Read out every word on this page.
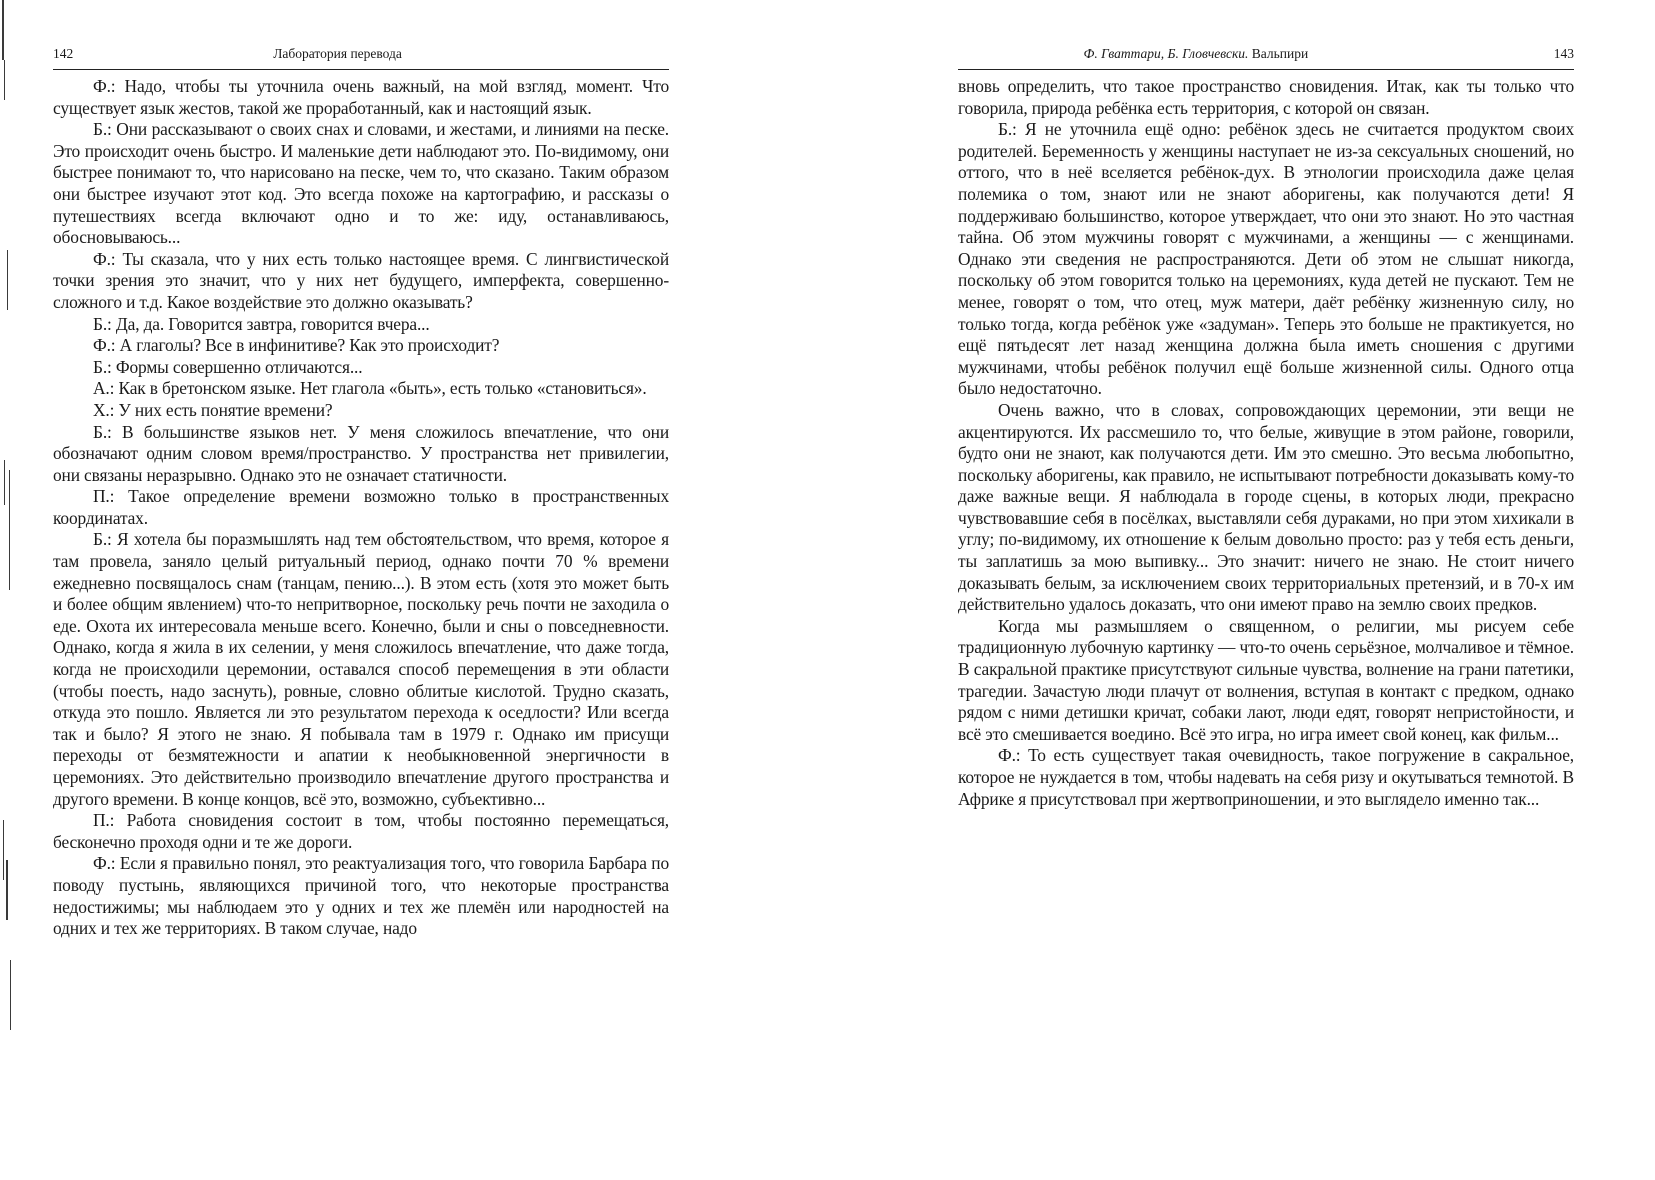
142	Лаборатория перевода

Ф.: Надо, чтобы ты уточнила очень важный, на мой взгляд, момент. Что существует язык жестов, такой же проработанный, как и настоящий язык.

Б.: Они рассказывают о своих снах и словами, и жестами, и линиями на песке. Это происходит очень быстро. И маленькие дети наблюдают это. По-видимому, они быстрее понимают то, что нарисовано на песке, чем то, что сказано. Таким образом они быстрее изучают этот код. Это всегда похоже на картографию, и рассказы о путешествиях всегда включают одно и то же: иду, останавливаюсь, обосновываюсь...

Ф.: Ты сказала, что у них есть только настоящее время. С лингвистической точки зрения это значит, что у них нет будущего, имперфекта, совершенно-сложного и т.д. Какое воздействие это должно оказывать?

Б.: Да, да. Говорится завтра, говорится вчера...

Ф.: А глаголы? Все в инфинитиве? Как это происходит?

Б.: Формы совершенно отличаются...

А.: Как в бретонском языке. Нет глагола «быть», есть только «становиться».

Х.: У них есть понятие времени?

Б.: В большинстве языков нет. У меня сложилось впечатление, что они обозначают одним словом время/пространство. У пространства нет привилегии, они связаны неразрывно. Однако это не означает статичности.

П.: Такое определение времени возможно только в пространственных координатах.

Б.: Я хотела бы поразмышлять над тем обстоятельством, что время, которое я там провела, заняло целый ритуальный период, однако почти 70 % времени ежедневно посвящалось снам (танцам, пению...). В этом есть (хотя это может быть и более общим явлением) что-то непритворное, поскольку речь почти не заходила о еде. Охота их интересовала меньше всего. Конечно, были и сны о повседневности. Однако, когда я жила в их селении, у меня сложилось впечатление, что даже тогда, когда не происходили церемонии, оставался способ перемещения в эти области (чтобы поесть, надо заснуть), ровные, словно облитые кислотой. Трудно сказать, откуда это пошло. Является ли это результатом перехода к оседлости? Или всегда так и было? Я этого не знаю. Я побывала там в 1979 г. Однако им присущи переходы от безмятежности и апатии к необыкновенной энергичности в церемониях. Это действительно производило впечатление другого пространства и другого времени. В конце концов, всё это, возможно, субъективно...

П.: Работа сновидения состоит в том, чтобы постоянно перемещаться, бесконечно проходя одни и те же дороги.

Ф.: Если я правильно понял, это реактуализация того, что говорила Барбара по поводу пустынь, являющихся причиной того, что некоторые пространства недостижимы; мы наблюдаем это у одних и тех же племён или народностей на одних и тех же территориях. В таком случае, надо

Ф. Гваттари, Б. Гловчевски. Вальпири	143

вновь определить, что такое пространство сновидения. Итак, как ты только что говорила, природа ребёнка есть территория, с которой он связан.

Б.: Я не уточнила ещё одно: ребёнок здесь не считается продуктом своих родителей. Беременность у женщины наступает не из-за сексуальных сношений, но оттого, что в неё вселяется ребёнок-дух. В этнологии происходила даже целая полемика о том, знают или не знают аборигены, как получаются дети! Я поддерживаю большинство, которое утверждает, что они это знают. Но это частная тайна. Об этом мужчины говорят с мужчинами, а женщины — с женщинами. Однако эти сведения не распространяются. Дети об этом не слышат никогда, поскольку об этом говорится только на церемониях, куда детей не пускают. Тем не менее, говорят о том, что отец, муж матери, даёт ребёнку жизненную силу, но только тогда, когда ребёнок уже «задуман». Теперь это больше не практикуется, но ещё пятьдесят лет назад женщина должна была иметь сношения с другими мужчинами, чтобы ребёнок получил ещё больше жизненной силы. Одного отца было недостаточно.

Очень важно, что в словах, сопровождающих церемонии, эти вещи не акцентируются. Их рассмешило то, что белые, живущие в этом районе, говорили, будто они не знают, как получаются дети. Им это смешно. Это весьма любопытно, поскольку аборигены, как правило, не испытывают потребности доказывать кому-то даже важные вещи. Я наблюдала в городе сцены, в которых люди, прекрасно чувствовавшие себя в посёлках, выставляли себя дураками, но при этом хихикали в углу; по-видимому, их отношение к белым довольно просто: раз у тебя есть деньги, ты заплатишь за мою выпивку... Это значит: ничего не знаю. Не стоит ничего доказывать белым, за исключением своих территориальных претензий, и в 70-х им действительно удалось доказать, что они имеют право на землю своих предков.

Когда мы размышляем о священном, о религии, мы рисуем себе традиционную лубочную картинку — что-то очень серьёзное, молчаливое и тёмное. В сакральной практике присутствуют сильные чувства, волнение на грани патетики, трагедии. Зачастую люди плачут от волнения, вступая в контакт с предком, однако рядом с ними детишки кричат, собаки лают, люди едят, говорят непристойности, и всё это смешивается воедино. Всё это игра, но игра имеет свой конец, как фильм...

Ф.: То есть существует такая очевидность, такое погружение в сакральное, которое не нуждается в том, чтобы надевать на себя ризу и окутываться темнотой. В Африке я присутствовал при жертвоприношении, и это выглядело именно так...
